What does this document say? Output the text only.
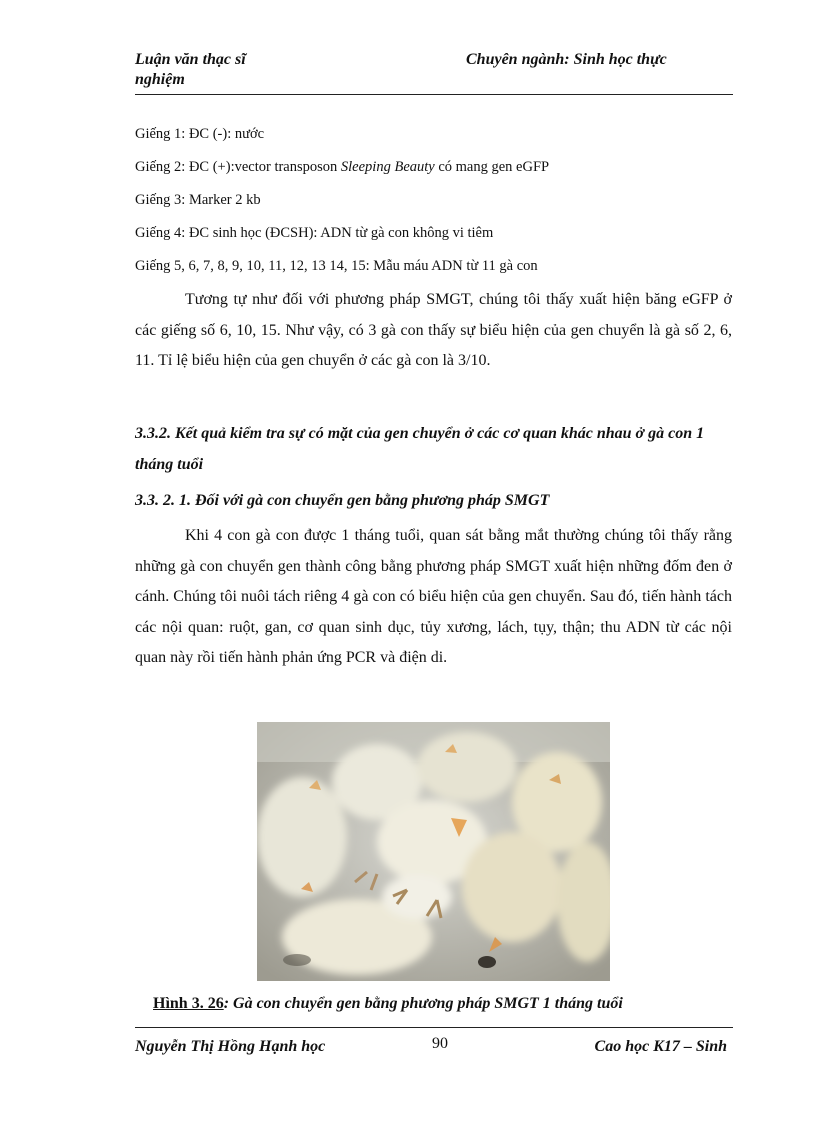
Luận văn thạc sĩ nghiệm
Chuyên ngành: Sinh học thực
Giếng 1: ĐC (-): nước
Giếng 2: ĐC (+):vector transposon Sleeping Beauty có mang gen eGFP
Giếng 3: Marker 2 kb
Giếng 4: ĐC sinh học (ĐCSH): ADN từ gà con không vi tiêm
Giếng 5, 6, 7, 8, 9, 10, 11, 12, 13 14, 15: Mẫu máu ADN từ 11 gà con
Tương tự như đối với phương pháp SMGT, chúng tôi thấy xuất hiện băng eGFP ở các giếng số 6, 10, 15. Như vậy, có 3 gà con thấy sự biểu hiện của gen chuyển là gà số 2, 6, 11. Tỉ lệ biểu hiện của gen chuyển ở các gà con là 3/10.
3.3.2. Kết quả kiểm tra sự có mặt của gen chuyển ở các cơ quan khác nhau ở gà con 1 tháng tuổi
3.3. 2. 1. Đối với gà con chuyển gen bằng phương pháp SMGT
Khi 4 con gà con được 1 tháng tuổi, quan sát bằng mắt thường chúng tôi thấy rằng những gà con chuyển gen thành công bằng phương pháp SMGT xuất hiện những đốm đen ở cánh. Chúng tôi nuôi tách riêng 4 gà con có biểu hiện của gen chuyển. Sau đó, tiến hành tách các nội quan: ruột, gan, cơ quan sinh dục, tủy xương, lách, tụy, thận; thu ADN từ các nội quan này rồi tiến hành phản ứng PCR và điện di.
Hình 3. 26: Gà con chuyển gen bằng phương pháp SMGT 1 tháng tuổi
Nguyễn Thị Hồng Hạnh học	90	Cao học K17 – Sinh
